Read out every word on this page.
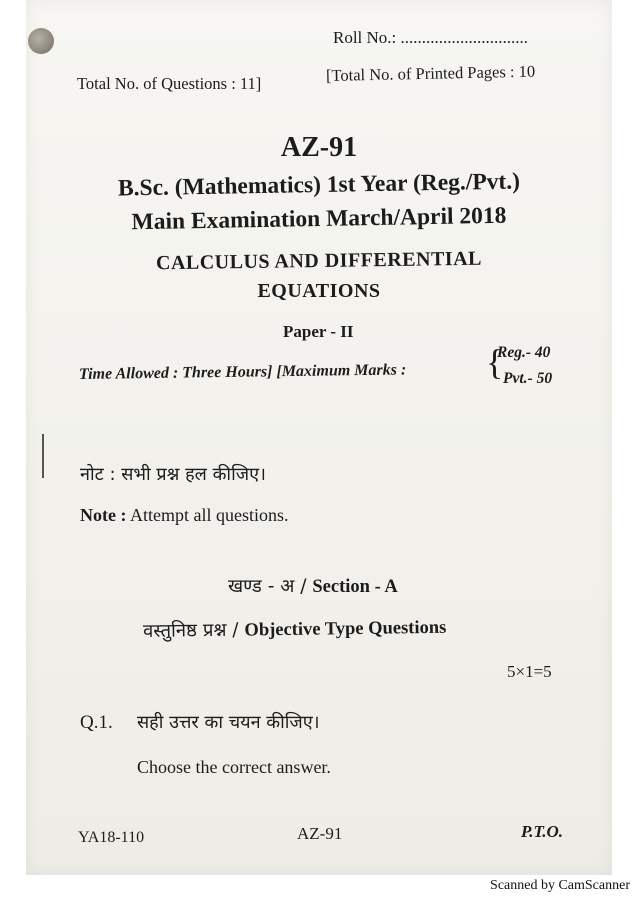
Roll No.: ..............................
Total No. of Questions : 11]	[Total No. of Printed Pages : 10
AZ-91
B.Sc. (Mathematics) 1st Year (Reg./Pvt.)
Main Examination March/April 2018
CALCULUS AND DIFFERENTIAL
EQUATIONS
Paper - II
Time Allowed : Three Hours] [Maximum Marks : {
Reg.- 40
Pvt.- 50
नोट : सभी प्रश्न हल कीजिए।
Note : Attempt all questions.
खण्ड - अ / Section - A
वस्तुनिष्ठ प्रश्न / Objective Type Questions
5×1=5
Q.1. सही उत्तर का चयन कीजिए।
Choose the correct answer.
YA18-110	AZ-91	P.T.O.
Scanned by CamScanner
